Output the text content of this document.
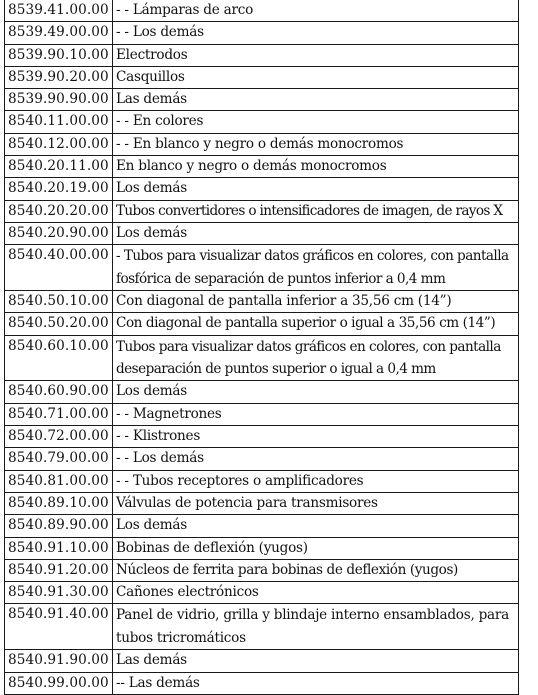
8539.41.00.00	- - Lámparas de arco
8539.49.00.00	- - Los demás
8539.90.10.00	Electrodos
8539.90.20.00	Casquillos
8539.90.90.00	Las demás
8540.11.00.00	- - En colores
8540.12.00.00	- - En blanco y negro o demás monocromos
8540.20.11.00	En blanco y negro o demás monocromos
8540.20.19.00	Los demás
8540.20.20.00	Tubos convertidores o intensificadores de imagen, de rayos X
8540.20.90.00	Los demás
8540.40.00.00	- Tubos para visualizar datos gráficos en colores, con pantalla fosfórica de separación de puntos inferior a 0,4 mm
8540.50.10.00	Con diagonal de pantalla inferior a 35,56 cm (14”)
8540.50.20.00	Con diagonal de pantalla superior o igual a 35,56 cm (14”)
8540.60.10.00	Tubos para visualizar datos gráficos en colores, con pantalla deseparación de puntos superior o igual a 0,4 mm
8540.60.90.00	Los demás
8540.71.00.00	- - Magnetrones
8540.72.00.00	- - Klistrones
8540.79.00.00	- - Los demás
8540.81.00.00	- - Tubos receptores o amplificadores
8540.89.10.00	Válvulas de potencia para transmisores
8540.89.90.00	Los demás
8540.91.10.00	Bobinas de deflexión (yugos)
8540.91.20.00	Núcleos de ferrita para bobinas de deflexión (yugos)
8540.91.30.00	Cañones electrónicos
8540.91.40.00	Panel de vidrio, grilla y blindaje interno ensamblados, para tubos tricromáticos
8540.91.90.00	Las demás
8540.99.00.00	-- Las demás
